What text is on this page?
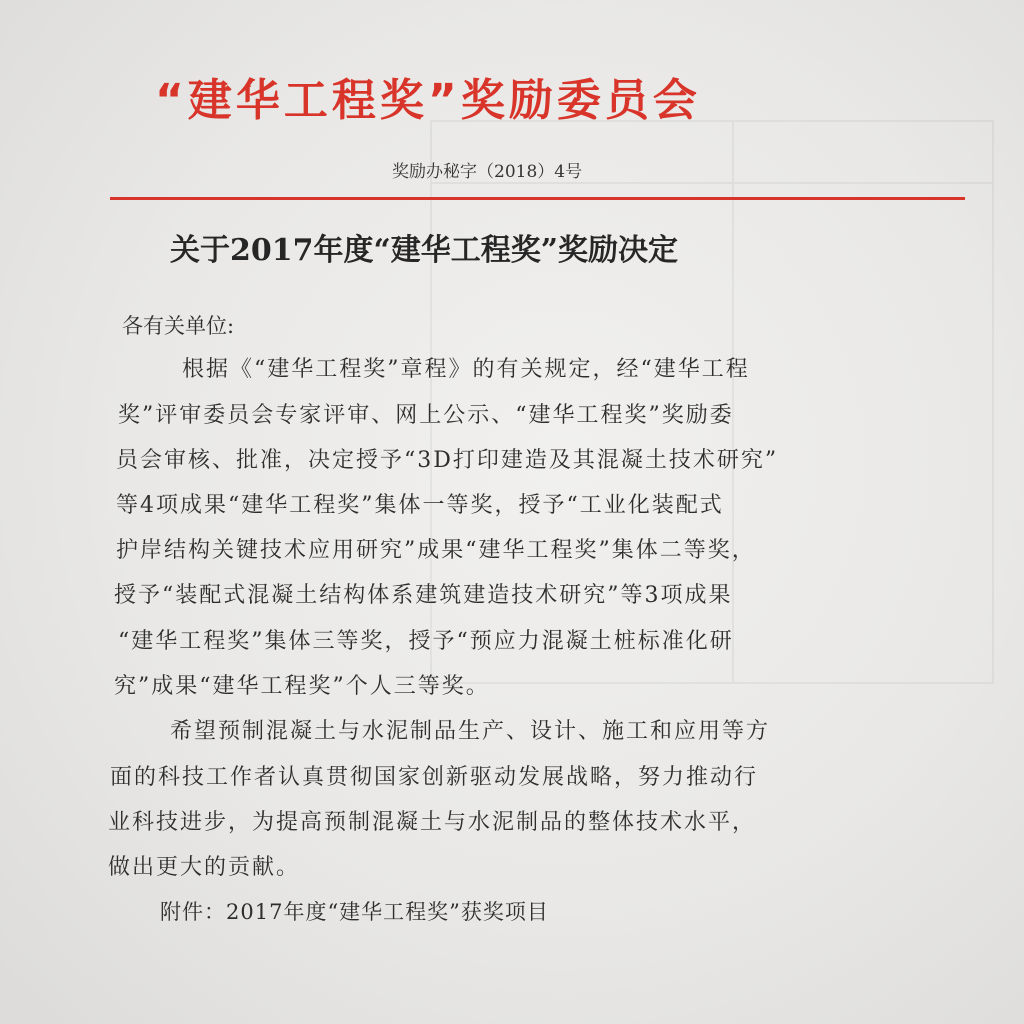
“建华工程奖”奖励委员会
奖励办秘字（2018）4号
关于2017年度“建华工程奖”奖励决定
各有关单位:
根据《“建华工程奖”章程》的有关规定，经“建华工程
奖”评审委员会专家评审、网上公示、“建华工程奖”奖励委
员会审核、批准，决定授予“3D打印建造及其混凝土技术研究”
等4项成果“建华工程奖”集体一等奖，授予“工业化装配式
护岸结构关键技术应用研究”成果“建华工程奖”集体二等奖，
授予“装配式混凝土结构体系建筑建造技术研究”等3项成果
“建华工程奖”集体三等奖，授予“预应力混凝土桩标准化研
究”成果“建华工程奖”个人三等奖。
希望预制混凝土与水泥制品生产、设计、施工和应用等方
面的科技工作者认真贯彻国家创新驱动发展战略，努力推动行
业科技进步，为提高预制混凝土与水泥制品的整体技术水平，
做出更大的贡献。
附件：2017年度“建华工程奖”获奖项目
